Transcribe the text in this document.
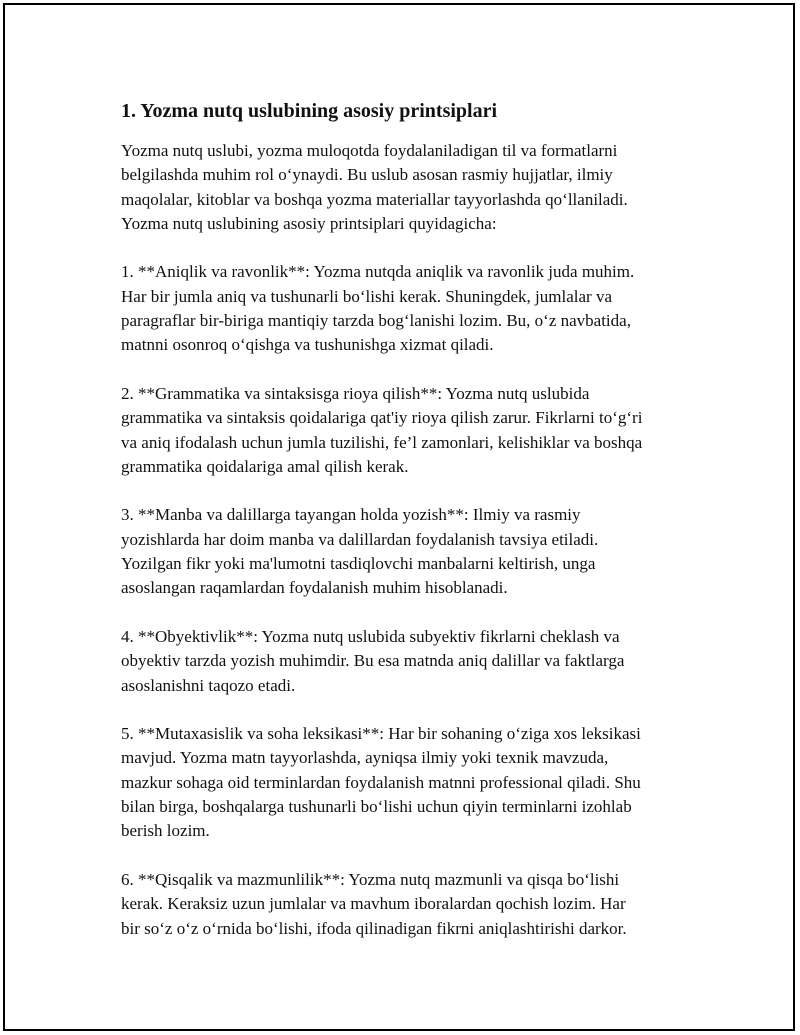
1. Yozma nutq uslubining asosiy printsiplari

Yozma nutq uslubi, yozma muloqotda foydalaniladigan til va formatlarni
belgilashda muhim rol o‘ynaydi. Bu uslub asosan rasmiy hujjatlar, ilmiy
maqolalar, kitoblar va boshqa yozma materiallar tayyorlashda qo‘llaniladi.
Yozma nutq uslubining asosiy printsiplari quyidagicha:

1. **Aniqlik va ravonlik**: Yozma nutqda aniqlik va ravonlik juda muhim.
Har bir jumla aniq va tushunarli bo‘lishi kerak. Shuningdek, jumlalar va
paragraflar bir-biriga mantiqiy tarzda bog‘lanishi lozim. Bu, o‘z navbatida,
matnni osonroq o‘qishga va tushunishga xizmat qiladi.

2. **Grammatika va sintaksisga rioya qilish**: Yozma nutq uslubida
grammatika va sintaksis qoidalariga qat'iy rioya qilish zarur. Fikrlarni to‘g‘ri
va aniq ifodalash uchun jumla tuzilishi, fe’l zamonlari, kelishiklar va boshqa
grammatika qoidalariga amal qilish kerak.

3. **Manba va dalillarga tayangan holda yozish**: Ilmiy va rasmiy
yozishlarda har doim manba va dalillardan foydalanish tavsiya etiladi.
Yozilgan fikr yoki ma'lumotni tasdiqlovchi manbalarni keltirish, unga
asoslangan raqamlardan foydalanish muhim hisoblanadi.

4. **Obyektivlik**: Yozma nutq uslubida subyektiv fikrlarni cheklash va
obyektiv tarzda yozish muhimdir. Bu esa matnda aniq dalillar va faktlarga
asoslanishni taqozo etadi.

5. **Mutaxasislik va soha leksikasi**: Har bir sohaning o‘ziga xos leksikasi
mavjud. Yozma matn tayyorlashda, ayniqsa ilmiy yoki texnik mavzuda,
mazkur sohaga oid terminlardan foydalanish matnni professional qiladi. Shu
bilan birga, boshqalarga tushunarli bo‘lishi uchun qiyin terminlarni izohlab
berish lozim.

6. **Qisqalik va mazmunlilik**: Yozma nutq mazmunli va qisqa bo‘lishi
kerak. Keraksiz uzun jumlalar va mavhum iboralardan qochish lozim. Har
bir so‘z o‘z o‘rnida bo‘lishi, ifoda qilinadigan fikrni aniqlashtirishi darkor.
